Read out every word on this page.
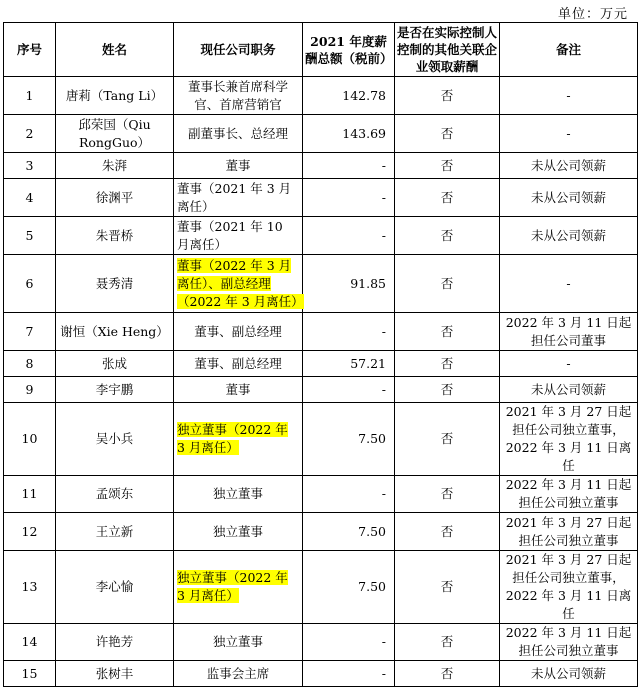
单位：万元
序号	姓名	现任公司职务	2021 年度薪酬总额（税前）	是否在实际控制人控制的其他关联企业领取薪酬	备注
1	唐莉（Tang Li）	董事长兼首席科学官、首席营销官	142.78	否	-
2	邱荣国（Qiu RongGuo）	副董事长、总经理	143.69	否	-
3	朱湃	董事	-	否	未从公司领薪
4	徐渊平	董事（2021 年 3 月离任）	-	否	未从公司领薪
5	朱晋桥	董事（2021 年 10 月离任）	-	否	未从公司领薪
6	聂秀清	董事（2022 年 3 月离任）、副总经理（2022 年 3 月离任）	91.85	否	-
7	谢恒（Xie Heng）	董事、副总经理	-	否	2022 年 3 月 11 日起担任公司董事
8	张成	董事、副总经理	57.21	否	-
9	李宇鹏	董事	-	否	未从公司领薪
10	吴小兵	独立董事（2022 年 3 月离任）	7.50	否	2021 年 3 月 27 日起担任公司独立董事，2022 年 3 月 11 日离任
11	孟颂东	独立董事	-	否	2022 年 3 月 11 日起担任公司独立董事
12	王立新	独立董事	7.50	否	2021 年 3 月 27 日起担任公司独立董事
13	李心愉	独立董事（2022 年 3 月离任）	7.50	否	2021 年 3 月 27 日起担任公司独立董事，2022 年 3 月 11 日离任
14	许艳芳	独立董事	-	否	2022 年 3 月 11 日起担任公司独立董事
15	张树丰	监事会主席	-	否	未从公司领薪
